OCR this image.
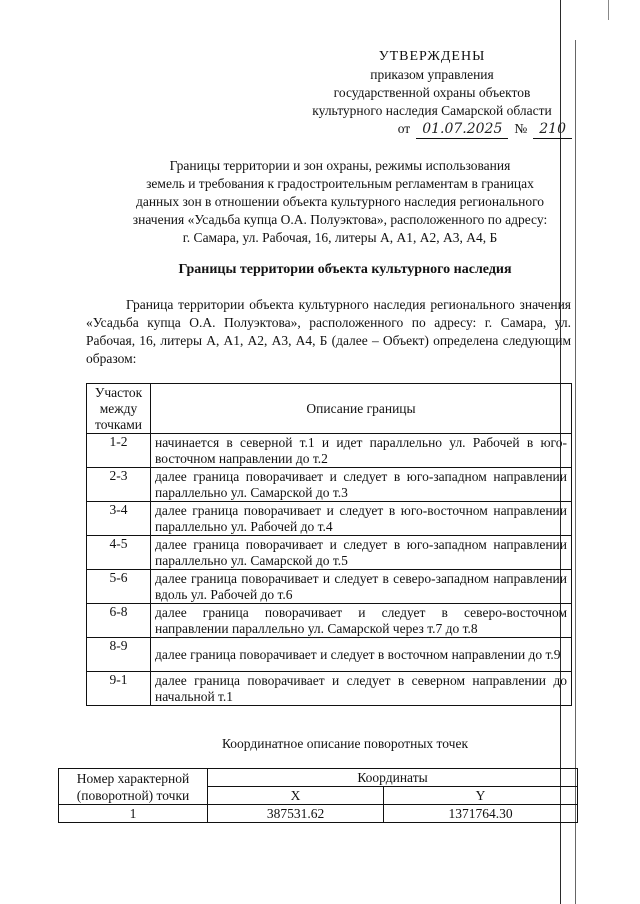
УТВЕРЖДЕНЫ
приказом управления
государственной охраны объектов
культурного наследия Самарской области
от 01.07.2025 № 210
Границы территории и зон охраны, режимы использования
земель и требования к градостроительным регламентам в границах
данных зон в отношении объекта культурного наследия регионального
значения «Усадьба купца О.А. Полуэктова», расположенного по адресу:
г. Самара, ул. Рабочая, 16, литеры А, А1, А2, А3, А4, Б
Границы территории объекта культурного наследия
Граница территории объекта культурного наследия регионального значения «Усадьба купца О.А. Полуэктова», расположенного по адресу: г. Самара, ул. Рабочая, 16, литеры А, А1, А2, А3, А4, Б (далее – Объект) определена следующим образом:
Участок между точками	Описание границы
1-2	начинается в северной т.1 и идет параллельно ул. Рабочей в юго-восточном направлении до т.2
2-3	далее граница поворачивает и следует в юго-западном направлении параллельно ул. Самарской до т.3
3-4	далее граница поворачивает и следует в юго-восточном направлении параллельно ул. Рабочей до т.4
4-5	далее граница поворачивает и следует в юго-западном направлении параллельно ул. Самарской до т.5
5-6	далее граница поворачивает и следует в северо-западном направлении вдоль ул. Рабочей до т.6
6-8	далее граница поворачивает и следует в северо-восточном направлении параллельно ул. Самарской через т.7 до т.8
8-9	далее граница поворачивает и следует в восточном направлении до т.9
9-1	далее граница поворачивает и следует в северном направлении до начальной т.1
Координатное описание поворотных точек
Номер характерной
(поворотной) точки	Координаты	
	X	Y
1	387531.62	1371764.30
